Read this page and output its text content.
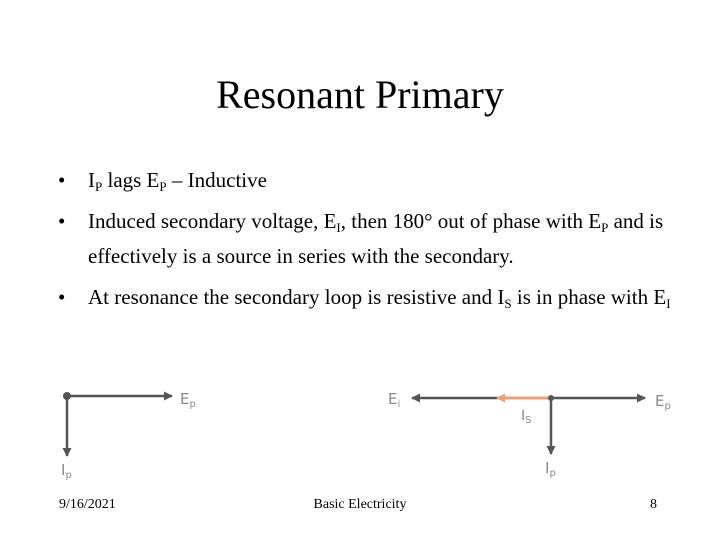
Resonant Primary
• $I_P$ lags $E_P$ – Inductive
• Induced secondary voltage, $E_I$, then 180° out of phase with $E_P$ and is effectively is a source in series with the secondary.
• At resonance the secondary loop is resistive and $I_S$ is in phase with $E_I$
$E_p$
$I_p$
$E_i$
$I_S$
$E_p$
$I_p$
9/16/2021	Basic Electricity	8
